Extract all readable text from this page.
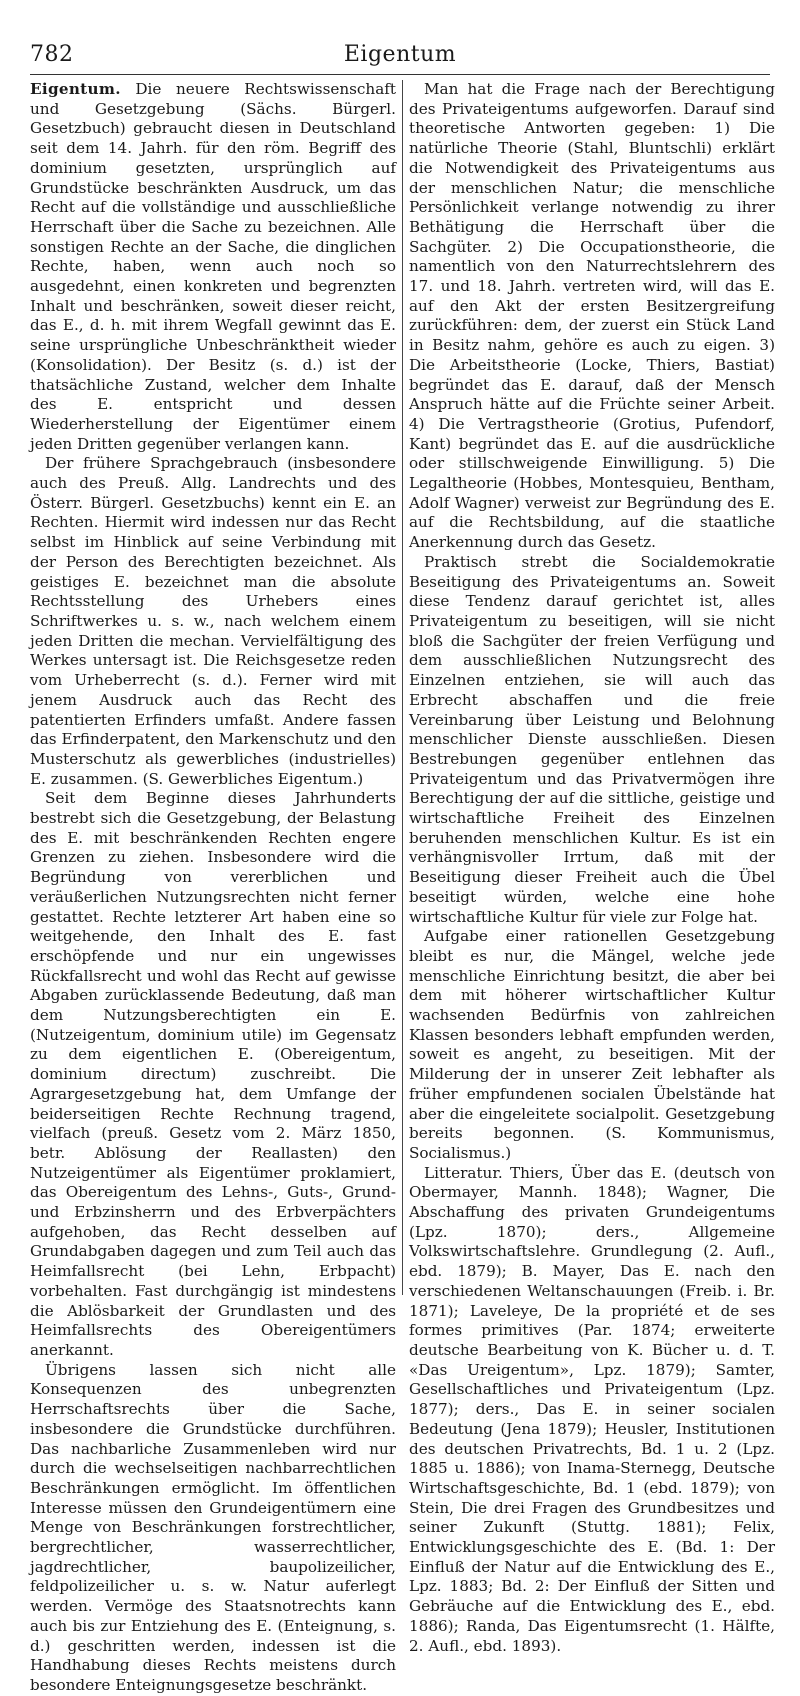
782	Eigentum

Eigentum. Die neuere Rechtswissenschaft und Gesetzgebung (Sächs. Bürgerl. Gesetzbuch) gebraucht diesen in Deutschland seit dem 14. Jahrh. für den röm. Begriff des dominium gesetzten, ursprünglich auf Grundstücke beschränkten Ausdruck, um das Recht auf die vollständige und ausschließliche Herrschaft über die Sache zu bezeichnen. Alle sonstigen Rechte an der Sache, die dinglichen Rechte, haben, wenn auch noch so ausgedehnt, einen konkreten und begrenzten Inhalt und beschränken, soweit dieser reicht, das E., d. h. mit ihrem Wegfall gewinnt das E. seine ursprüngliche Unbeschränktheit wieder (Konsolidation). Der Besitz (s. d.) ist der thatsächliche Zustand, welcher dem Inhalte des E. entspricht und dessen Wiederherstellung der Eigentümer einem jeden Dritten gegenüber verlangen kann.

Der frühere Sprachgebrauch (insbesondere auch des Preuß. Allg. Landrechts und des Österr. Bürgerl. Gesetzbuchs) kennt ein E. an Rechten. Hiermit wird indessen nur das Recht selbst im Hinblick auf seine Verbindung mit der Person des Berechtigten bezeichnet. Als geistiges E. bezeichnet man die absolute Rechtsstellung des Urhebers eines Schriftwerkes u. s. w., nach welchem einem jeden Dritten die mechan. Vervielfältigung des Werkes untersagt ist. Die Reichsgesetze reden vom Urheberrecht (s. d.). Ferner wird mit jenem Ausdruck auch das Recht des patentierten Erfinders umfaßt. Andere fassen das Erfinderpatent, den Markenschutz und den Musterschutz als gewerbliches (industrielles) E. zusammen. (S. Gewerbliches Eigentum.)

Seit dem Beginne dieses Jahrhunderts bestrebt sich die Gesetzgebung, der Belastung des E. mit beschränkenden Rechten engere Grenzen zu ziehen. Insbesondere wird die Begründung von vererblichen und veräußerlichen Nutzungsrechten nicht ferner gestattet. Rechte letzterer Art haben eine so weitgehende, den Inhalt des E. fast erschöpfende und nur ein ungewisses Rückfallsrecht und wohl das Recht auf gewisse Abgaben zurücklassende Bedeutung, daß man dem Nutzungsberechtigten ein E. (Nutzeigentum, dominium utile) im Gegensatz zu dem eigentlichen E. (Obereigentum, dominium directum) zuschreibt. Die Agrargesetzgebung hat, dem Umfange der beiderseitigen Rechte Rechnung tragend, vielfach (preuß. Gesetz vom 2. März 1850, betr. Ablösung der Reallasten) den Nutzeigentümer als Eigentümer proklamiert, das Obereigentum des Lehns-, Guts-, Grund- und Erbzinsherrn und des Erbverpächters aufgehoben, das Recht desselben auf Grundabgaben dagegen und zum Teil auch das Heimfallsrecht (bei Lehn, Erbpacht) vorbehalten. Fast durchgängig ist mindestens die Ablösbarkeit der Grundlasten und des Heimfallsrechts des Obereigentümers anerkannt.

Übrigens lassen sich nicht alle Konsequenzen des unbegrenzten Herrschaftsrechts über die Sache, insbesondere die Grundstücke durchführen. Das nachbarliche Zusammenleben wird nur durch die wechselseitigen nachbarrechtlichen Beschränkungen ermöglicht. Im öffentlichen Interesse müssen den Grundeigentümern eine Menge von Beschränkungen forstrechtlicher, bergrechtlicher, wasserrechtlicher, jagdrechtlicher, baupolizeilicher, feldpolizeilicher u. s. w. Natur auferlegt werden. Vermöge des Staatsnotrechts kann auch bis zur Entziehung des E. (Enteignung, s. d.) geschritten werden, indessen ist die Handhabung dieses Rechts meistens durch besondere Enteignungsgesetze beschränkt.

Man hat die Frage nach der Berechtigung des Privateigentums aufgeworfen. Darauf sind theoretische Antworten gegeben: 1) Die natürliche Theorie (Stahl, Bluntschli) erklärt die Notwendigkeit des Privateigentums aus der menschlichen Natur; die menschliche Persönlichkeit verlange notwendig zu ihrer Bethätigung die Herrschaft über die Sachgüter. 2) Die Occupationstheorie, die namentlich von den Naturrechtslehrern des 17. und 18. Jahrh. vertreten wird, will das E. auf den Akt der ersten Besitzergreifung zurückführen: dem, der zuerst ein Stück Land in Besitz nahm, gehöre es auch zu eigen. 3) Die Arbeitstheorie (Locke, Thiers, Bastiat) begründet das E. darauf, daß der Mensch Anspruch hätte auf die Früchte seiner Arbeit. 4) Die Vertragstheorie (Grotius, Pufendorf, Kant) begründet das E. auf die ausdrückliche oder stillschweigende Einwilligung. 5) Die Legaltheorie (Hobbes, Montesquieu, Bentham, Adolf Wagner) verweist zur Begründung des E. auf die Rechtsbildung, auf die staatliche Anerkennung durch das Gesetz.

Praktisch strebt die Socialdemokratie Beseitigung des Privateigentums an. Soweit diese Tendenz darauf gerichtet ist, alles Privateigentum zu beseitigen, will sie nicht bloß die Sachgüter der freien Verfügung und dem ausschließlichen Nutzungsrecht des Einzelnen entziehen, sie will auch das Erbrecht abschaffen und die freie Vereinbarung über Leistung und Belohnung menschlicher Dienste ausschließen. Diesen Bestrebungen gegenüber entlehnen das Privateigentum und das Privatvermögen ihre Berechtigung der auf die sittliche, geistige und wirtschaftliche Freiheit des Einzelnen beruhenden menschlichen Kultur. Es ist ein verhängnisvoller Irrtum, daß mit der Beseitigung dieser Freiheit auch die Übel beseitigt würden, welche eine hohe wirtschaftliche Kultur für viele zur Folge hat.

Aufgabe einer rationellen Gesetzgebung bleibt es nur, die Mängel, welche jede menschliche Einrichtung besitzt, die aber bei dem mit höherer wirtschaftlicher Kultur wachsenden Bedürfnis von zahlreichen Klassen besonders lebhaft empfunden werden, soweit es angeht, zu beseitigen. Mit der Milderung der in unserer Zeit lebhafter als früher empfundenen socialen Übelstände hat aber die eingeleitete socialpolit. Gesetzgebung bereits begonnen. (S. Kommunismus, Socialismus.)

Litteratur. Thiers, Über das E. (deutsch von Obermayer, Mannh. 1848); Wagner, Die Abschaffung des privaten Grundeigentums (Lpz. 1870); ders., Allgemeine Volkswirtschaftslehre. Grundlegung (2. Aufl., ebd. 1879); B. Mayer, Das E. nach den verschiedenen Weltanschauungen (Freib. i. Br. 1871); Laveleye, De la propriété et de ses formes primitives (Par. 1874; erweiterte deutsche Bearbeitung von K. Bücher u. d. T. «Das Ureigentum», Lpz. 1879); Samter, Gesellschaftliches und Privateigentum (Lpz. 1877); ders., Das E. in seiner socialen Bedeutung (Jena 1879); Heusler, Institutionen des deutschen Privatrechts, Bd. 1 u. 2 (Lpz. 1885 u. 1886); von Inama-Sternegg, Deutsche Wirtschaftsgeschichte, Bd. 1 (ebd. 1879); von Stein, Die drei Fragen des Grundbesitzes und seiner Zukunft (Stuttg. 1881); Felix, Entwicklungsgeschichte des E. (Bd. 1: Der Einfluß der Natur auf die Entwicklung des E., Lpz. 1883; Bd. 2: Der Einfluß der Sitten und Gebräuche auf die Entwicklung des E., ebd. 1886); Randa, Das Eigentumsrecht (1. Hälfte, 2. Aufl., ebd. 1893).
